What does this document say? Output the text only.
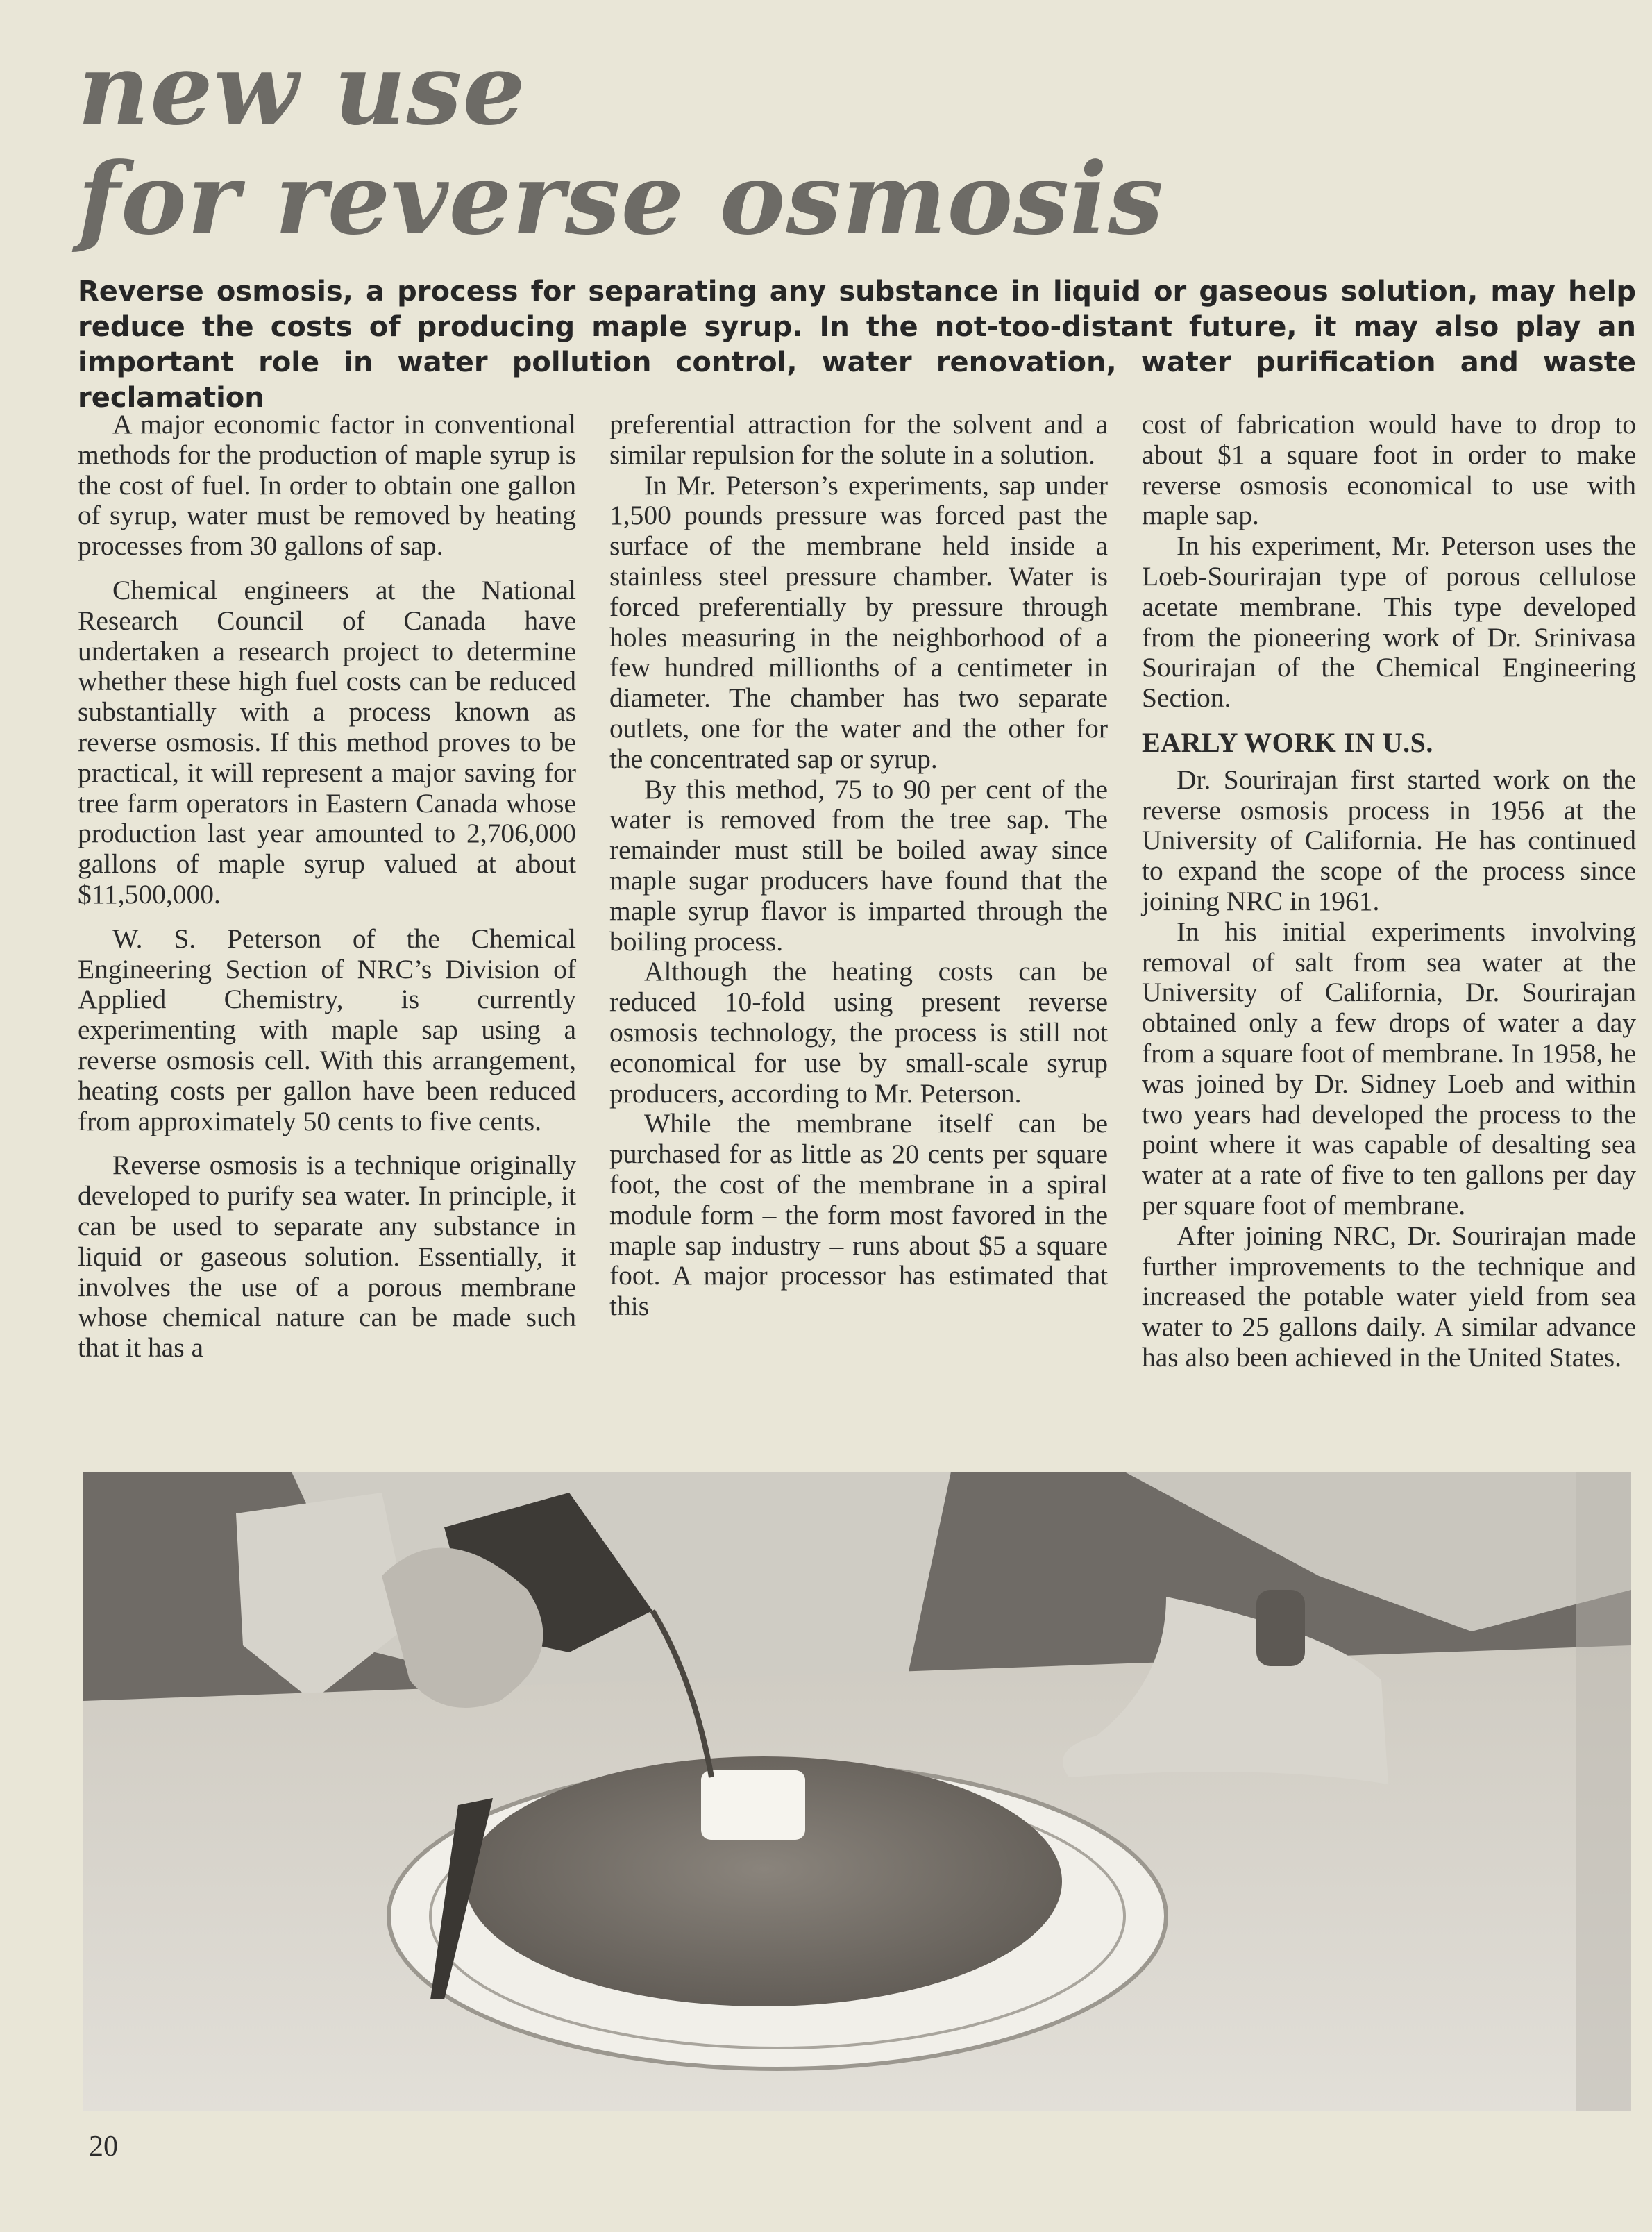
new use
for reverse osmosis

Reverse osmosis, a process for separating any substance in liquid or gaseous solution, may help reduce the costs of producing maple syrup. In the not-too-distant future, it may also play an important role in water pollution control, water renovation, water purification and waste reclamation

A major economic factor in conventional methods for the production of maple syrup is the cost of fuel. In order to obtain one gallon of syrup, water must be removed by heating processes from 30 gallons of sap.

Chemical engineers at the National Research Council of Canada have undertaken a research project to determine whether these high fuel costs can be reduced substantially with a process known as reverse osmosis. If this method proves to be practical, it will represent a major saving for tree farm operators in Eastern Canada whose production last year amounted to 2,706,000 gallons of maple syrup valued at about $11,500,000.

W. S. Peterson of the Chemical Engineering Section of NRC’s Division of Applied Chemistry, is currently experimenting with maple sap using a reverse osmosis cell. With this arrangement, heating costs per gallon have been reduced from approximately 50 cents to five cents.

Reverse osmosis is a technique originally developed to purify sea water. In principle, it can be used to separate any substance in liquid or gaseous solution. Essentially, it involves the use of a porous membrane whose chemical nature can be made such that it has a

preferential attraction for the solvent and a similar repulsion for the solute in a solution.

In Mr. Peterson’s experiments, sap under 1,500 pounds pressure was forced past the surface of the membrane held inside a stainless steel pressure chamber. Water is forced preferentially by pressure through holes measuring in the neighborhood of a few hundred millionths of a centimeter in diameter. The chamber has two separate outlets, one for the water and the other for the concentrated sap or syrup.

By this method, 75 to 90 per cent of the water is removed from the tree sap. The remainder must still be boiled away since maple sugar producers have found that the maple syrup flavor is imparted through the boiling process.

Although the heating costs can be reduced 10-fold using present reverse osmosis technology, the process is still not economical for use by small-scale syrup producers, according to Mr. Peterson.

While the membrane itself can be purchased for as little as 20 cents per square foot, the cost of the membrane in a spiral module form – the form most favored in the maple sap industry – runs about $5 a square foot. A major processor has estimated that this

cost of fabrication would have to drop to about $1 a square foot in order to make reverse osmosis economical to use with maple sap.

In his experiment, Mr. Peterson uses the Loeb-Sourirajan type of porous cellulose acetate membrane. This type developed from the pioneering work of Dr. Srinivasa Sourirajan of the Chemical Engineering Section.

EARLY WORK IN U.S.

Dr. Sourirajan first started work on the reverse osmosis process in 1956 at the University of California. He has continued to expand the scope of the process since joining NRC in 1961.

In his initial experiments involving removal of salt from sea water at the University of California, Dr. Sourirajan obtained only a few drops of water a day from a square foot of membrane. In 1958, he was joined by Dr. Sidney Loeb and within two years had developed the process to the point where it was capable of desalting sea water at a rate of five to ten gallons per day per square foot of membrane.

After joining NRC, Dr. Sourirajan made further improvements to the technique and increased the potable water yield from sea water to 25 gallons daily. A similar advance has also been achieved in the United States.

20
